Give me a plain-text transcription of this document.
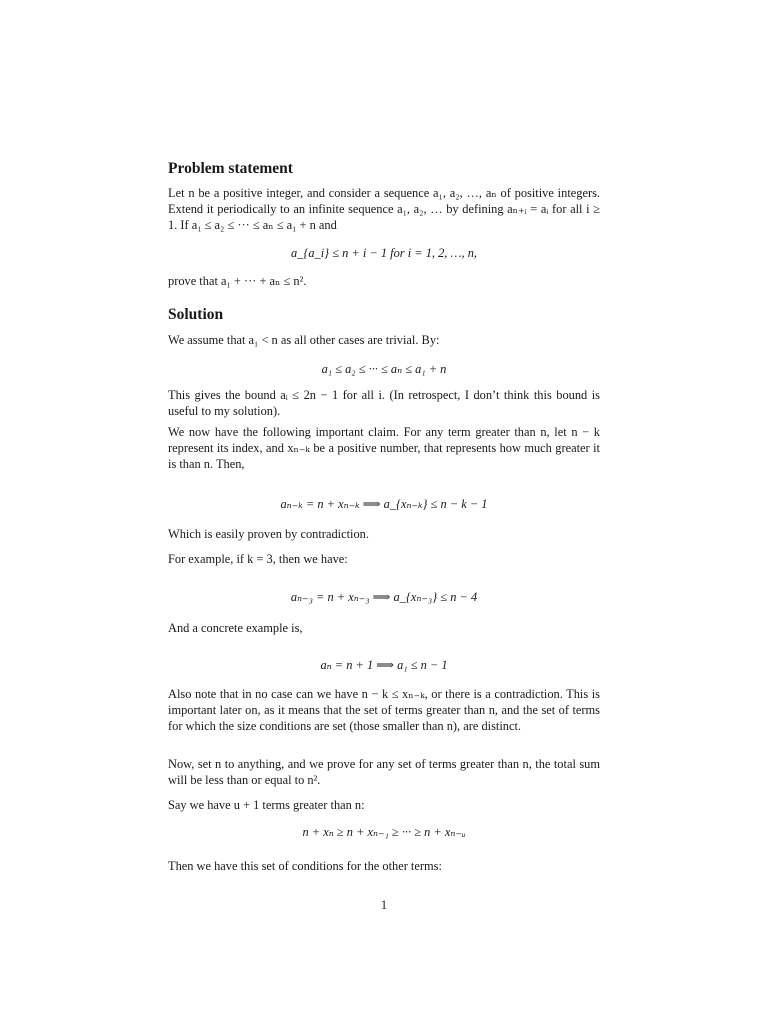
Problem statement

Let n be a positive integer, and consider a sequence a₁, a₂, …, aₙ of positive integers. Extend it periodically to an infinite sequence a₁, a₂, … by defining aₙ₊ᵢ = aᵢ for all i ≥ 1. If a₁ ≤ a₂ ≤ ··· ≤ aₙ ≤ a₁ + n and

a_{a_i} ≤ n + i − 1 for i = 1, 2, …, n,

prove that a₁ + ··· + aₙ ≤ n².

Solution

We assume that a₁ < n as all other cases are trivial. By:

a₁ ≤ a₂ ≤ ··· ≤ aₙ ≤ a₁ + n

This gives the bound aᵢ ≤ 2n − 1 for all i. (In retrospect, I don’t think this bound is useful to my solution).

We now have the following important claim. For any term greater than n, let n − k represent its index, and xₙ₋ₖ be a positive number, that represents how much greater it is than n. Then,

aₙ₋ₖ = n + xₙ₋ₖ ⟹ a_{xₙ₋ₖ} ≤ n − k − 1

Which is easily proven by contradiction.

For example, if k = 3, then we have:

aₙ₋₃ = n + xₙ₋₃ ⟹ a_{xₙ₋₃} ≤ n − 4

And a concrete example is,

aₙ = n + 1 ⟹ a₁ ≤ n − 1

Also note that in no case can we have n − k ≤ xₙ₋ₖ, or there is a contradiction. This is important later on, as it means that the set of terms greater than n, and the set of terms for which the size conditions are set (those smaller than n), are distinct.

Now, set n to anything, and we prove for any set of terms greater than n, the total sum will be less than or equal to n².

Say we have u + 1 terms greater than n:

n + xₙ ≥ n + xₙ₋₁ ≥ ··· ≥ n + xₙ₋ᵤ

Then we have this set of conditions for the other terms:

1
